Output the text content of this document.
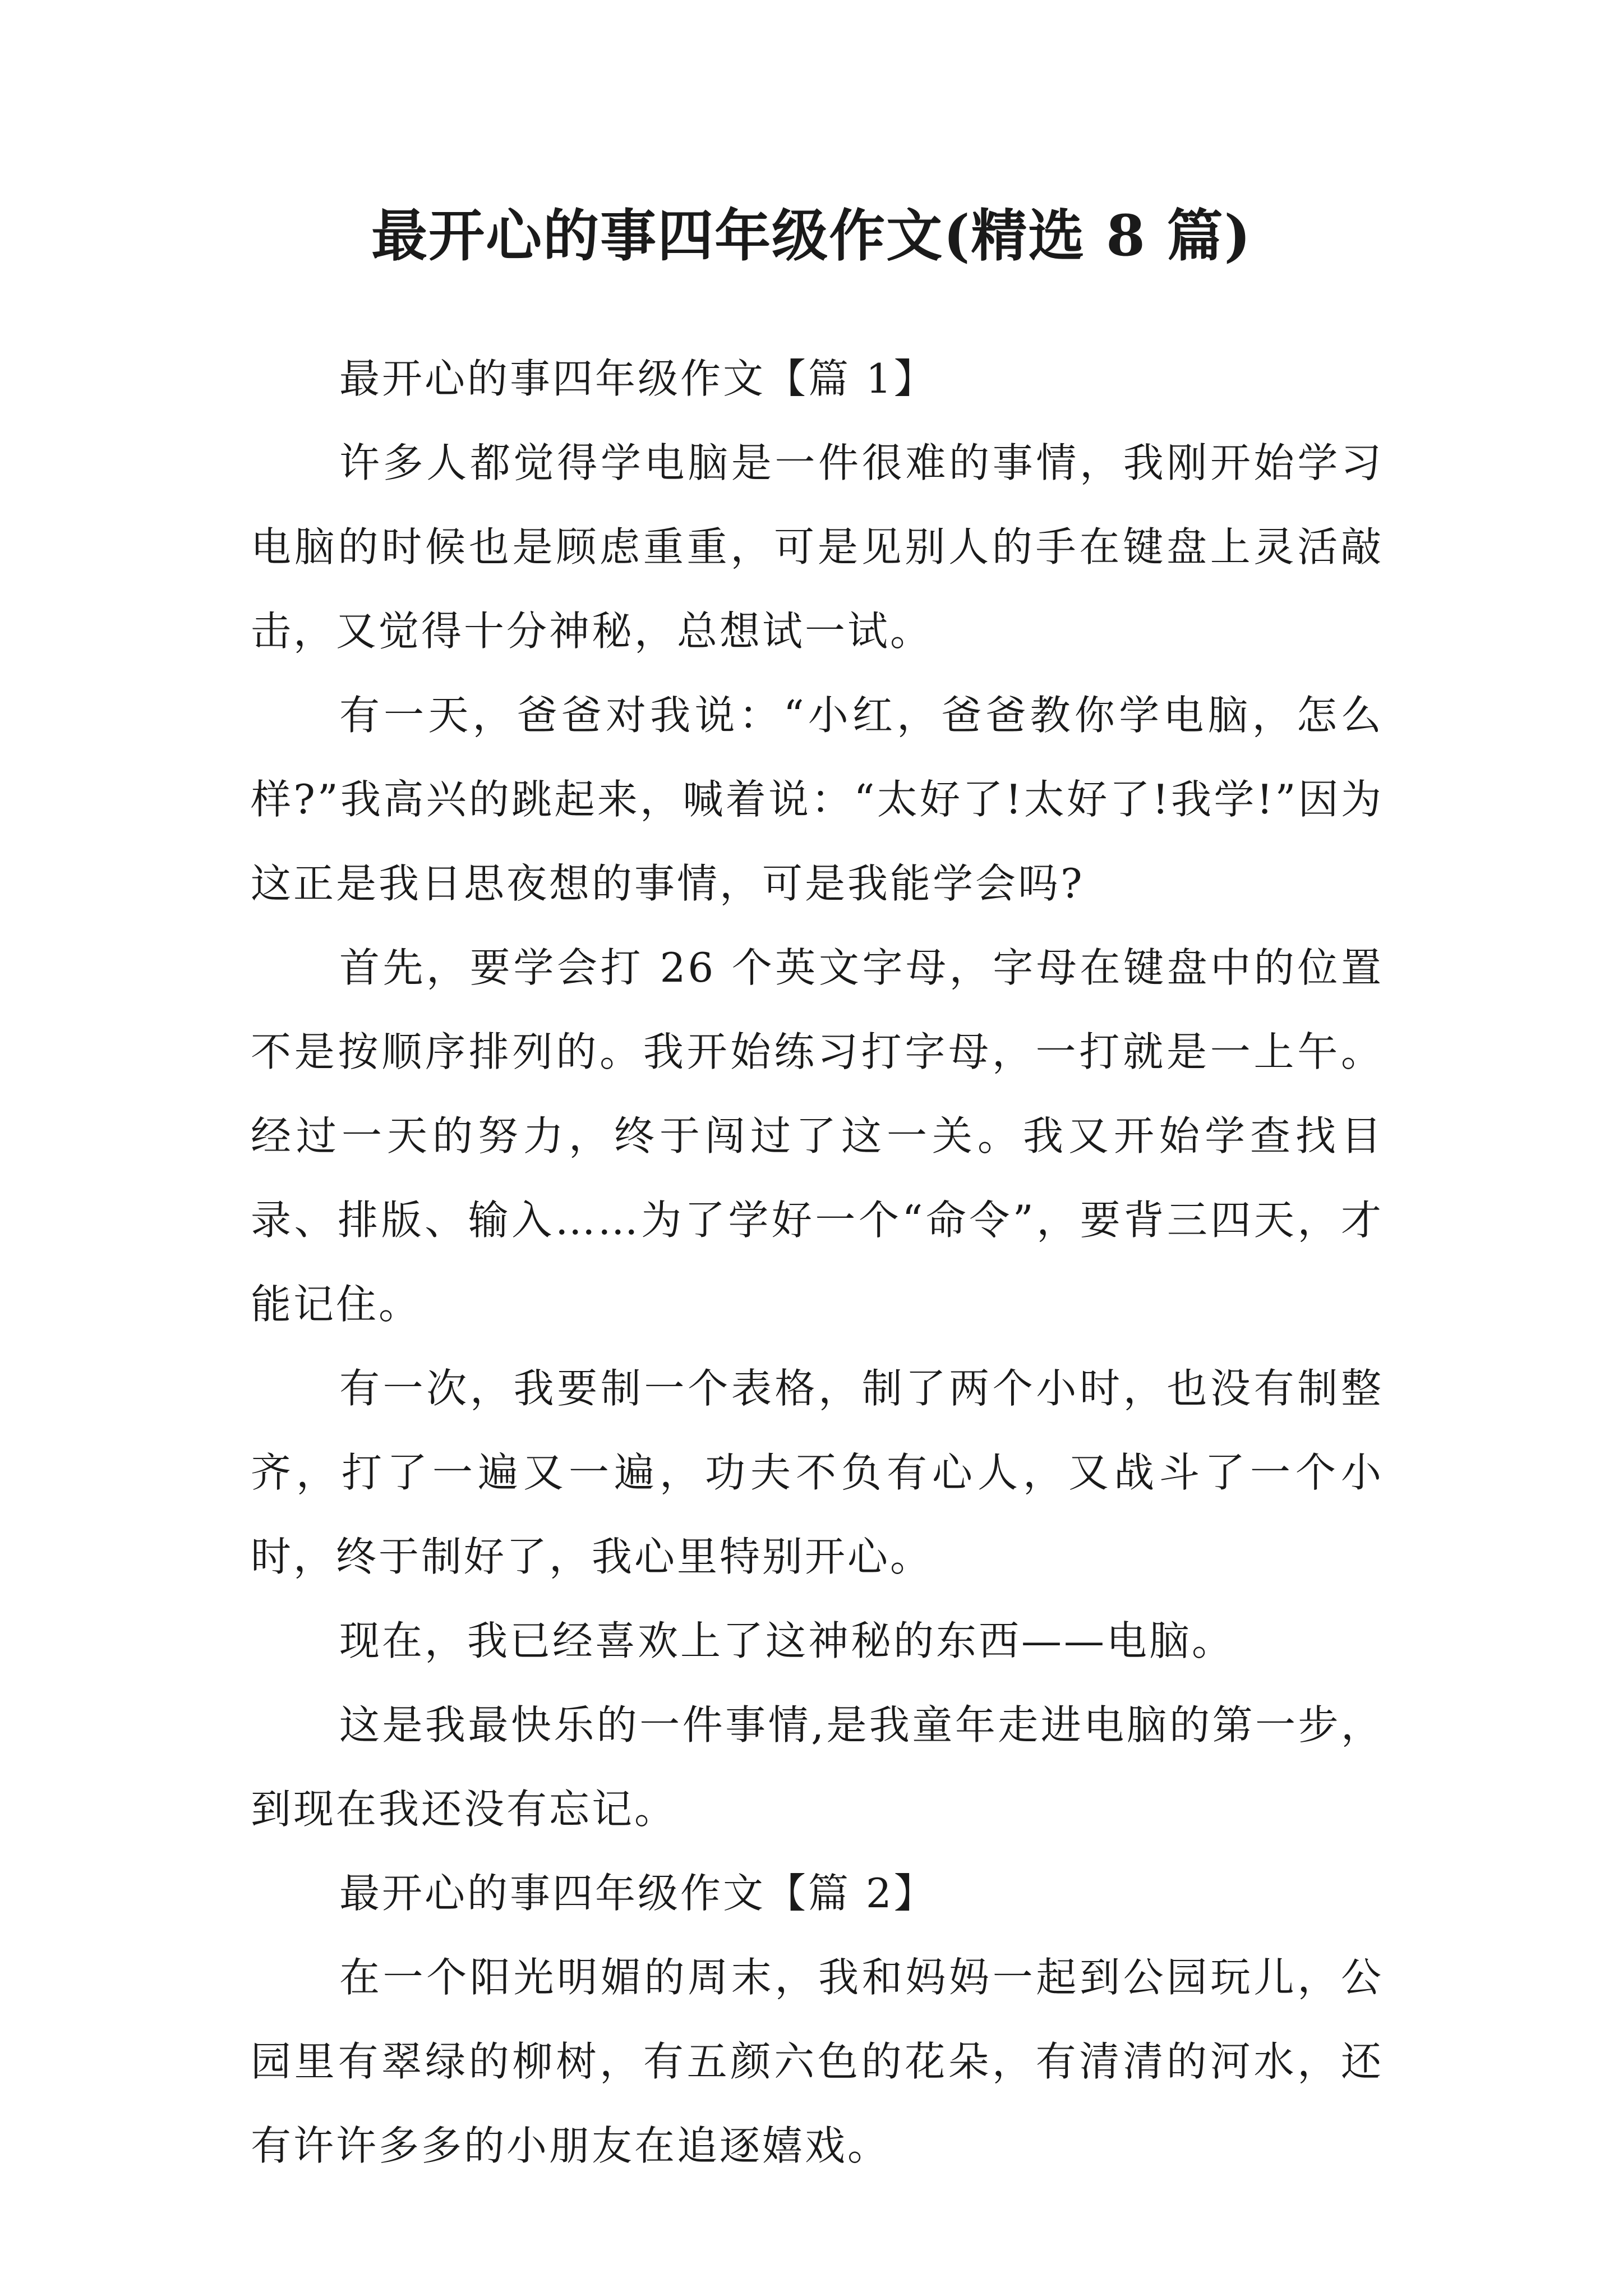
最开心的事四年级作文(精选 8 篇)

最开心的事四年级作文【篇 1】

许多人都觉得学电脑是一件很难的事情，我刚开始学习电脑的时候也是顾虑重重，可是见别人的手在键盘上灵活敲击，又觉得十分神秘，总想试一试。

有一天，爸爸对我说：“小红，爸爸教你学电脑，怎么样?”我高兴的跳起来，喊着说：“太好了!太好了!我学!”因为这正是我日思夜想的事情，可是我能学会吗?

首先，要学会打 26 个英文字母，字母在键盘中的位置不是按顺序排列的。我开始练习打字母，一打就是一上午。经过一天的努力，终于闯过了这一关。我又开始学查找目录、排版、输入……为了学好一个“命令”，要背三四天，才能记住。

有一次，我要制一个表格，制了两个小时，也没有制整齐，打了一遍又一遍，功夫不负有心人，又战斗了一个小时，终于制好了，我心里特别开心。

现在，我已经喜欢上了这神秘的东西——电脑。

这是我最快乐的一件事情,是我童年走进电脑的第一步，到现在我还没有忘记。

最开心的事四年级作文【篇 2】

在一个阳光明媚的周末，我和妈妈一起到公园玩儿，公园里有翠绿的柳树，有五颜六色的花朵，有清清的河水，还有许许多多的小朋友在追逐嬉戏。
